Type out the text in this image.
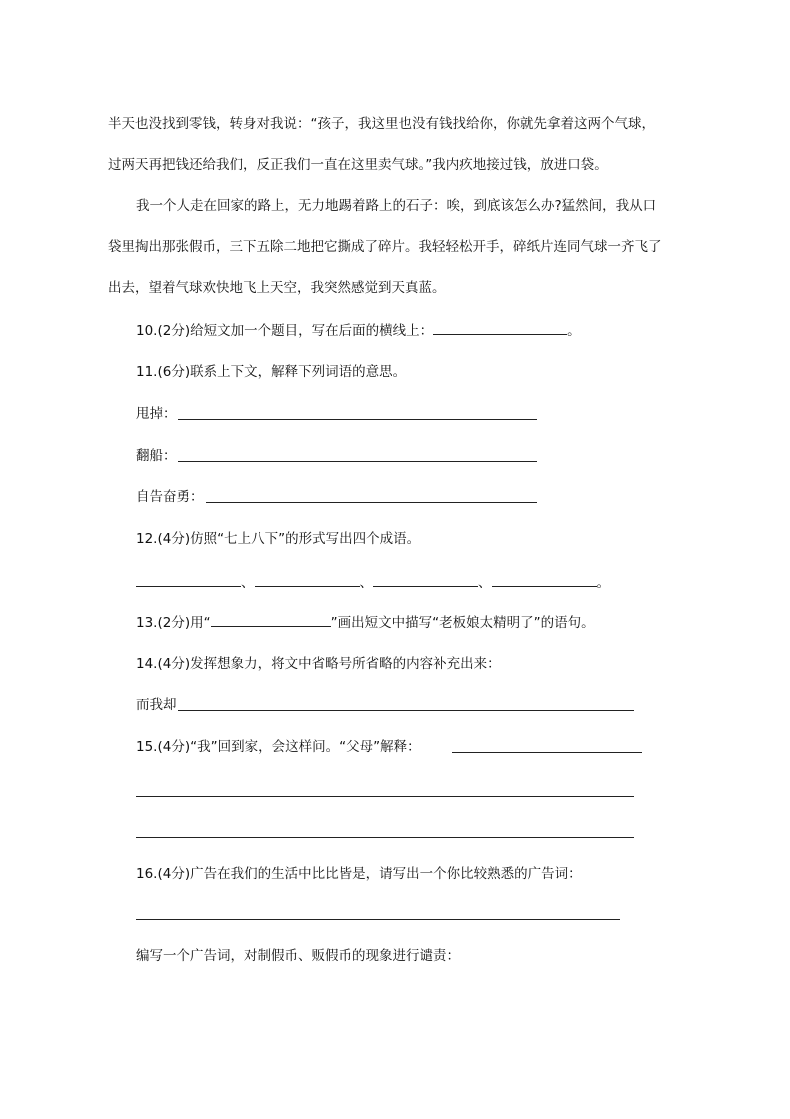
半天也没找到零钱，转身对我说：“孩子，我这里也没有钱找给你，你就先拿着这两个气球，
过两天再把钱还给我们，反正我们一直在这里卖气球。”我内疚地接过钱，放进口袋。
我一个人走在回家的路上，无力地踢着路上的石子：唉，到底该怎么办?猛然间，我从口
袋里掏出那张假币，三下五除二地把它撕成了碎片。我轻轻松开手，碎纸片连同气球一齐飞了
出去，望着气球欢快地飞上天空，我突然感觉到天真蓝。
10.(2分)给短文加一个题目，写在后面的横线上：	。
11.(6分)联系上下文，解释下列词语的意思。
甩掉：
翻船：
自告奋勇：
12.(4分)仿照“七上八下”的形式写出四个成语。
、	、	、	。
13.(2分)用“	”画出短文中描写“老板娘太精明了”的语句。
14.(4分)发挥想象力，将文中省略号所省略的内容补充出来：
而我却
15.(4分)“我”回到家，会这样问。“父母”解释：
16.(4分)广告在我们的生活中比比皆是，请写出一个你比较熟悉的广告词：
编写一个广告词，对制假币、贩假币的现象进行谴责：
